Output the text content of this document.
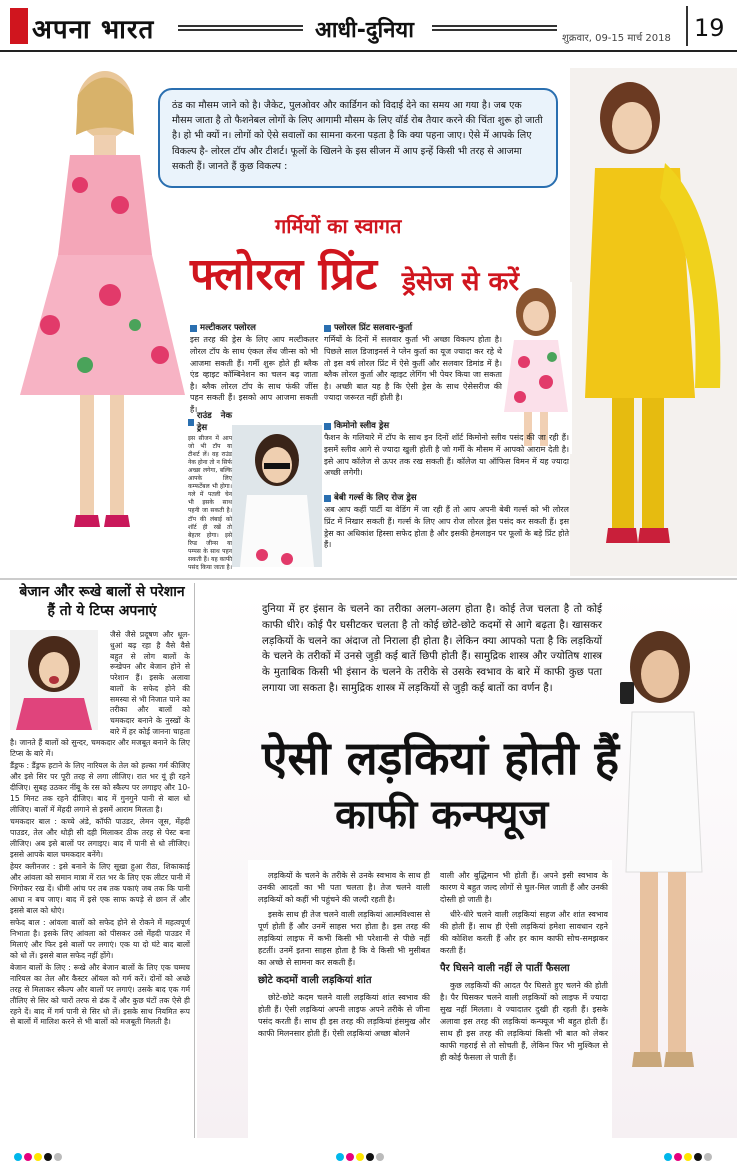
अपना भारत	आधी-दुनिया	शुक्रवार, 09-15 मार्च 2018 19
ठंड का मौसम जाने को है। जैकेट, पुलओवर और कार्डिगन को विदाई देने का समय आ गया है। जब एक मौसम जाता है तो फैशनेबल लोगों के लिए आगामी मौसम के लिए वॉर्ड रोब तैयार करने की चिंता शुरू हो जाती है। हो भी क्यों न। लोगों को ऐसे सवालों का सामना करना पड़ता है कि क्या पहना जाए। ऐसे में आपके लिए विकल्प है- लोरल टॉप और टीशर्ट। फूलों के खिलने के इस सीजन में आप इन्हें किसी भी तरह से आजमा सकती हैं। जानते हैं कुछ विकल्प :
गर्मियों का स्वागत
फ्लोरल प्रिंट ड्रेसेज से करें
मल्टीकलर फ्लोरल

इस तरह की ड्रेस के लिए आप मल्टीकलर लोरल टॉप के साथ एंकल लेंथ जीन्स को भी आजमा सकती हैं। गर्मी शुरू होते ही ब्लैक एंड व्हाइट कॉम्बिनेशन का चलन बढ़ जाता है। ब्लैक लोरल टॉप के साथ फंकी जींस पहन सकती हैं। इसको आप आजमा सकती हैं।

राउंड नेक ड्रेस

इस सीजन में आप जो भी टॉप या टीशर्ट लें। वह राउंड नेक होना तो न सिर्फ अच्छा लगेगा, बल्कि आपके लिए कम्फर्टेबल भी होगा। गले में पतली चेन भी इसके साथ पहनी जा सकती है। टॉप की लंबाई को शॉर्ट ही रखें तो बेहतर होगा। इसे रिप्ड जीन्स या पम्पस के साथ पहन सकती हैं। यह काफी पसंद किया जाता है।

फ्लोरल प्रिंट सलवार-कुर्ता

गर्मियों के दिनों में सलवार कुर्ता भी अच्छा विकल्प होता है। पिछले साल डिजाइनर्स ने प्लेन कुर्ता का यूज ज्यादा कर रहे थे तो इस वर्ष लोरल प्रिंट में ऐसे कुर्ती और सलवार डिमांड में है। ब्लैक लोरल कुर्ता और व्हाइट लेगिंग भी पेयर किया जा सकता है। अच्छी बात यह है कि ऐसी ड्रेस के साथ ऐसेसरीज की ज्यादा जरूरत नहीं होती है।

किमोनो स्लीव ड्रेस

फैशन के गलियारे में टॉप के साथ इन दिनों शॉर्ट किमोनो स्लीव पसंद की जा रही हैं। इसमें स्लीव आगे से ज्यादा खुली होती है जो गर्मी के मौसम में आपको आराम देती है। इसे आप कॉलेज से ऊपर तक रख सकती हैं। कॉलेज या ऑफिस विमन में यह ज्यादा अच्छी लगेगी।

बेबी गर्ल्स के लिए रोज ड्रेस

अब आप कहीं पार्टी या वेडिंग में जा रही हैं तो आप अपनी बेबी गर्ल्स को भी लोरल प्रिंट में निखार सकती हैं। गर्ल्स के लिए आप रोज लोरल ड्रेस पसंद कर सकती हैं। इस ड्रेस का अधिकांश हिस्सा सफेद होता है और इसकी हेमलाइन पर फूलों के बड़े प्रिंट होते हैं।

बेजान और रूखे बालों से परेशान हैं तो ये टिप्स अपनाएं

जैसे जैसे प्रदूषण और धूल-धुआं बढ़ रहा है वैसे वैसे बहुत से लोग बालों के रूखेपन और बेजान होने से परेशान हैं। इसके अलावा बालों के सफेद होने की समस्या से भी निजात पाने का तरीका और बालों को चमकदार बनाने के नुस्खों के बारे में हर कोई जानना चाहता है। जानते हैं बालों को सुन्दर, चमकदार और मजबूत बनाने के लिए टिप्स के बारे में।

डैंड्रफ : डैंड्रफ हटाने के लिए नारियल के तेल को हल्का गर्म कीजिए और इसे सिर पर पूरी तरह से लगा लीजिए। रात भर यूं ही रहने दीजिए। सुबह उठकर नींबू के रस को स्कैल्प पर लगाइए और 10-15 मिनट तक रहने दीजिए। बाद में गुनगुने पानी से बाल धो लीजिए। बालों में मेंहदी लगाने से इसमें आराम मिलता है।

चमकदार बाल : कच्चे अंडे, कॉफी पाउडर, लेमन जूस, मेंहदी पाउडर, तेल और थोड़ी सी दही मिलाकर ठीक तरह से पेस्ट बना लीजिए। अब इसे बालों पर लगाइए। बाद में पानी से धो लीजिए। इससे आपके बाल चमकदार बनेंगे।

हेयर क्लीनजर : इसे बनाने के लिए सूखा हुआ रीठा, शिकाकाई और आंवला को समान मात्रा में रात भर के लिए एक लीटर पानी में भिगोकर रख दें। धीमी आंच पर तब तक पकाएं जब तक कि पानी आधा न बच जाए। बाद में इसे एक साफ कपड़े से छान लें और इससे बाल को धोएं।

सफेद बाल : आंवला बालों को सफेद होने से रोकने में महत्वपूर्ण निभाता है। इसके लिए आंवला को पीसकर उसे मेंहदी पाउडर में मिलाएं और फिर इसे बालों पर लगाएं। एक या दो घंटे बाद बालों को धो लें। इससे बाल सफेद नहीं होंगे।

बेजान बालों के लिए : रूखे और बेजान बालों के लिए एक चम्मच नारियल का तेल और कैस्टर ऑयल को गर्म करें। दोनों को अच्छे तरह से मिलाकर स्कैल्प और बालों पर लगाएं। उसके बाद एक गर्म तौलिए से सिर को चारों तरफ से ढंक दें और कुछ घंटों तक ऐसे ही रहने दें। बाद में गर्म पानी से सिर धो लें। इसके साथ नियमित रूप से बालों में मालिश करने से भी बालों को मजबूती मिलती है।

दुनिया में हर इंसान के चलने का तरीका अलग-अलग होता है। कोई तेज चलता है तो कोई काफी धीरे। कोई पैर घसीटकर चलता है तो कोई छोटे-छोटे कदमों से आगे बढ़ता है। खासकर लड़कियों के चलने का अंदाज तो निराला ही होता है। लेकिन क्या आपको पता है कि लड़कियों के चलने के तरीकों में उनसे जुड़ी कई बातें छिपी होती हैं। सामुद्रिक शास्त्र और ज्योतिष शास्त्र के मुताबिक किसी भी इंसान के चलने के तरीके से उसके स्वभाव के बारे में काफी कुछ पता लगाया जा सकता है। सामुद्रिक शास्त्र में लड़कियों से जुड़ी कई बातों का वर्णन है।
ऐसी लड़कियां होती हैं
काफी कन्फ्यूज

लड़कियों के चलने के तरीके से उनके स्वभाव के साथ ही उनकी आदतों का भी पता चलता है। तेज चलने वाली लड़कियों को कहीं भी पहुंचने की जल्दी रहती है।

इसके साथ ही तेज चलने वाली लड़कियां आत्मविश्वास से पूर्ण होती हैं और उनमें साहस भरा होता है। इस तरह की लड़कियां लाइफ में कभी किसी भी परेशानी से पीछे नहीं हटतीं। उनमें इतना साहस होता है कि वे किसी भी मुसीबत का अच्छे से सामना कर सकती हैं।

छोटे कदमों वाली लड़कियां शांत

छोटे-छोटे कदम चलने वाली लड़कियां शांत स्वभाव की होती हैं। ऐसी लड़कियां अपनी लाइफ अपने तरीके से जीना पसंद करती हैं। साथ ही इस तरह की लड़कियां हंसमुख और काफी मिलनसार होती हैं। ऐसी लड़कियां अच्छा बोलने

वाली और बुद्धिमान भी होती हैं। अपने इसी स्वभाव के कारण ये बहुत जल्द लोगों से घुल-मिल जाती हैं और उनकी दोस्ती हो जाती है।

धीरे-धीरे चलने वाली लड़कियां सहज और शांत स्वभाव की होती हैं। साथ ही ऐसी लड़कियां हमेशा सावधान रहने की कोशिश करती हैं और हर काम काफी सोच-समझकर करती हैं।

पैर घिसने वाली नहीं ले पातीं फैसला

कुछ लड़कियों की आदत पैर घिसते हुए चलने की होती है। पैर घिसकर चलने वाली लड़कियों को लाइफ में ज्यादा सुख नहीं मिलता। वे ज्यादातर दुखी ही रहती हैं। इसके अलावा इस तरह की लड़कियां कन्फ्यूज भी बहुत होती हैं। साथ ही इस तरह की लड़कियां किसी भी बात को लेकर काफी गहराई से तो सोचती हैं, लेकिन फिर भी मुश्किल से ही कोई फैसला ले पाती हैं।
